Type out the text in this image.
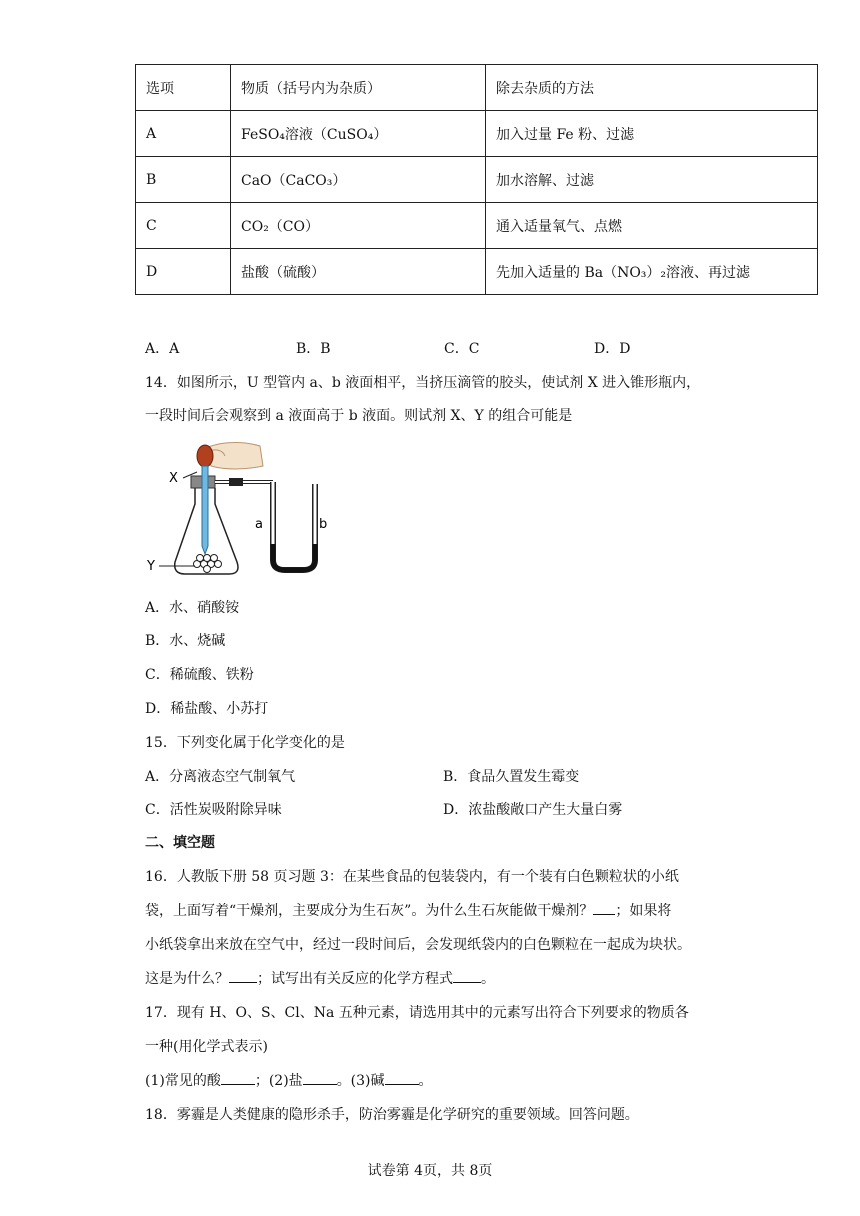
选项	物质（括号内为杂质）	除去杂质的方法
A	FeSO₄溶液（CuSO₄）	加入过量 Fe 粉、过滤
B	CaO（CaCO₃）	加水溶解、过滤
C	CO₂（CO）	通入适量氧气、点燃
D	盐酸（硫酸）	先加入适量的 Ba（NO₃）₂溶液、再过滤
A．A	B．B	C．C	D．D
14．如图所示，U 型管内 a、b 液面相平，当挤压滴管的胶头，使试剂 X 进入锥形瓶内，
一段时间后会观察到 a 液面高于 b 液面。则试剂 X、Y 的组合可能是
X
Y
a	b
A．水、硝酸铵
B．水、烧碱
C．稀硫酸、铁粉
D．稀盐酸、小苏打
15．下列变化属于化学变化的是
A．分离液态空气制氧气	B．食品久置发生霉变
C．活性炭吸附除异味	D．浓盐酸敞口产生大量白雾
二、填空题
16．人教版下册 58 页习题 3：在某些食品的包装袋内，有一个装有白色颗粒状的小纸
袋，上面写着“干燥剂，主要成分为生石灰”。为什么生石灰能做干燥剂？ ；如果将
小纸袋拿出来放在空气中，经过一段时间后，会发现纸袋内的白色颗粒在一起成为块状。
这是为什么？ ；试写出有关反应的化学方程式 。
17．现有 H、O、S、Cl、Na 五种元素，请选用其中的元素写出符合下列要求的物质各
一种(用化学式表示)
(1)常见的酸 ；(2)盐 。(3)碱 。
18．雾霾是人类健康的隐形杀手，防治雾霾是化学研究的重要领域。回答问题。
试卷第 4页，共 8页
